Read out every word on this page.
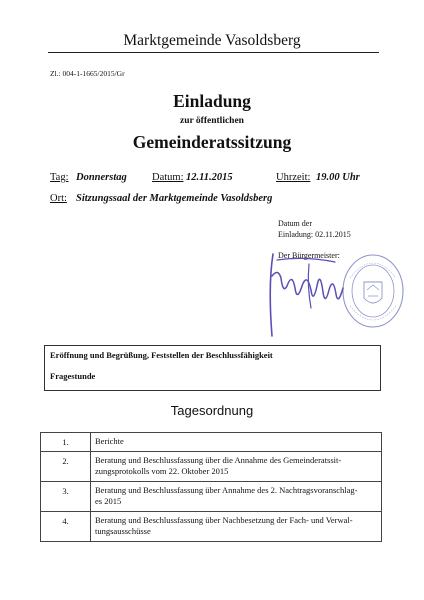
Marktgemeinde Vasoldsberg
Zl.: 004-1-1665/2015/Gr
Einladung
zur öffentlichen
Gemeinderatssitzung
Tag: Donnerstag Datum: 12.11.2015	Uhrzeit: 19.00 Uhr
Ort: Sitzungssaal der Marktgemeinde Vasoldsberg
Datum der
Einladung: 02.11.2015
Der Bürgermeister:
Eröffnung und Begrüßung, Feststellen der Beschlussfähigkeit
Fragestunde
Tagesordnung
1.	Berichte
2.	Beratung und Beschlussfassung über die Annahme des Gemeinderatssit-
zungsprotokolls vom 22. Oktober 2015
3.	Beratung und Beschlussfassung über Annahme des 2. Nachtragsvoranschlag-
es 2015
4.	Beratung und Beschlussfassung über Nachbesetzung der Fach- und Verwal-
tungsausschüsse
